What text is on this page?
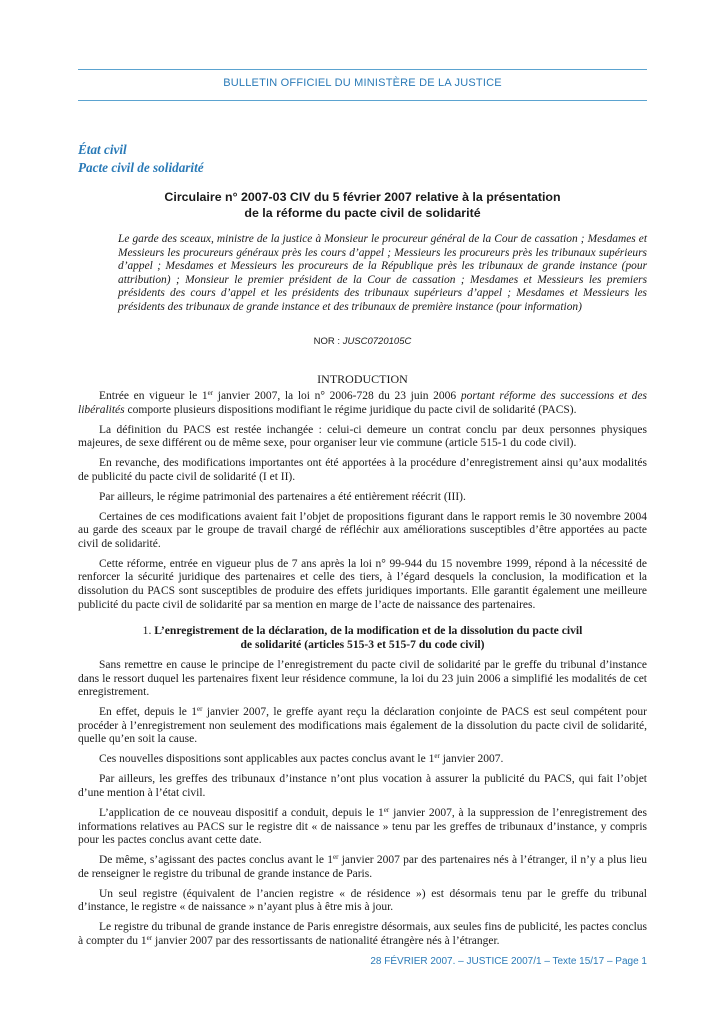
BULLETIN OFFICIEL DU MINISTÈRE DE LA JUSTICE
État civil
Pacte civil de solidarité
Circulaire n° 2007-03 CIV du 5 février 2007 relative à la présentation
de la réforme du pacte civil de solidarité
Le garde des sceaux, ministre de la justice à Monsieur le procureur général de la Cour de cassation ; Mesdames et Messieurs les procureurs généraux près les cours d’appel ; Messieurs les procureurs près les tribunaux supérieurs d’appel ; Mesdames et Messieurs les procureurs de la République près les tribunaux de grande instance (pour attribution) ; Monsieur le premier président de la Cour de cassation ; Mesdames et Messieurs les premiers présidents des cours d’appel et les présidents des tribunaux supérieurs d’appel ; Mesdames et Messieurs les présidents des tribunaux de grande instance et des tribunaux de première instance (pour information)
NOR : JUSC0720105C
INTRODUCTION

Entrée en vigueur le 1er janvier 2007, la loi n° 2006-728 du 23 juin 2006 portant réforme des successions et des libéralités comporte plusieurs dispositions modifiant le régime juridique du pacte civil de solidarité (PACS).

La définition du PACS est restée inchangée : celui-ci demeure un contrat conclu par deux personnes physiques majeures, de sexe différent ou de même sexe, pour organiser leur vie commune (article 515-1 du code civil).

En revanche, des modifications importantes ont été apportées à la procédure d’enregistrement ainsi qu’aux modalités de publicité du pacte civil de solidarité (I et II).

Par ailleurs, le régime patrimonial des partenaires a été entièrement réécrit (III).

Certaines de ces modifications avaient fait l’objet de propositions figurant dans le rapport remis le 30 novembre 2004 au garde des sceaux par le groupe de travail chargé de réfléchir aux améliorations susceptibles d’être apportées au pacte civil de solidarité.

Cette réforme, entrée en vigueur plus de 7 ans après la loi n° 99-944 du 15 novembre 1999, répond à la nécessité de renforcer la sécurité juridique des partenaires et celle des tiers, à l’égard desquels la conclusion, la modification et la dissolution du PACS sont susceptibles de produire des effets juridiques importants. Elle garantit également une meilleure publicité du pacte civil de solidarité par sa mention en marge de l’acte de naissance des partenaires.

1. L’enregistrement de la déclaration, de la modification et de la dissolution du pacte civil
de solidarité (articles 515-3 et 515-7 du code civil)

Sans remettre en cause le principe de l’enregistrement du pacte civil de solidarité par le greffe du tribunal d’instance dans le ressort duquel les partenaires fixent leur résidence commune, la loi du 23 juin 2006 a simplifié les modalités de cet enregistrement.

En effet, depuis le 1er janvier 2007, le greffe ayant reçu la déclaration conjointe de PACS est seul compétent pour procéder à l’enregistrement non seulement des modifications mais également de la dissolution du pacte civil de solidarité, quelle qu’en soit la cause.

Ces nouvelles dispositions sont applicables aux pactes conclus avant le 1er janvier 2007.

Par ailleurs, les greffes des tribunaux d’instance n’ont plus vocation à assurer la publicité du PACS, qui fait l’objet d’une mention à l’état civil.

L’application de ce nouveau dispositif a conduit, depuis le 1er janvier 2007, à la suppression de l’enregistrement des informations relatives au PACS sur le registre dit « de naissance » tenu par les greffes de tribunaux d’instance, y compris pour les pactes conclus avant cette date.

De même, s’agissant des pactes conclus avant le 1er janvier 2007 par des partenaires nés à l’étranger, il n’y a plus lieu de renseigner le registre du tribunal de grande instance de Paris.

Un seul registre (équivalent de l’ancien registre « de résidence ») est désormais tenu par le greffe du tribunal d’instance, le registre « de naissance » n’ayant plus à être mis à jour.

Le registre du tribunal de grande instance de Paris enregistre désormais, aux seules fins de publicité, les pactes conclus à compter du 1er janvier 2007 par des ressortissants de nationalité étrangère nés à l’étranger.

28 FÉVRIER 2007. – JUSTICE 2007/1 – Texte 15/17 – Page 1
